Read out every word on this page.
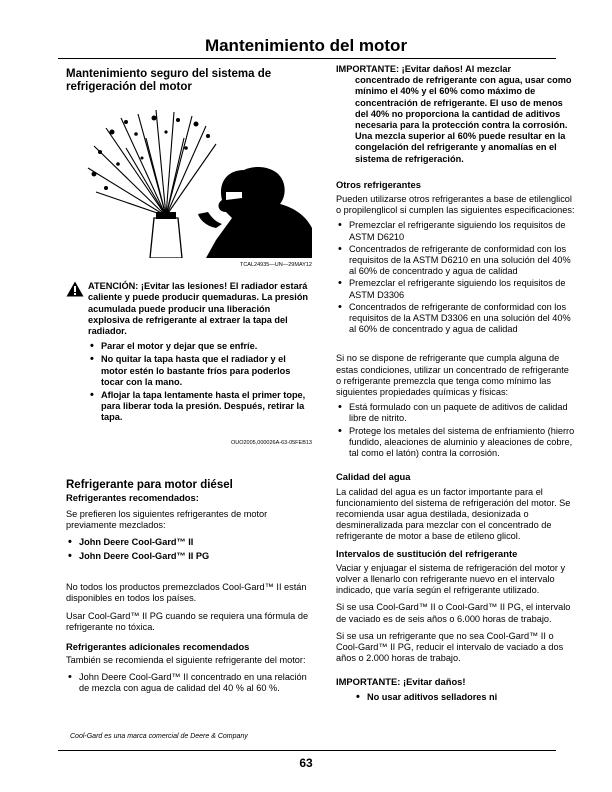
Mantenimiento del motor
Mantenimiento seguro del sistema de refrigeración del motor
TCAL24935—UN—29MAY12

ATENCIÓN: ¡Evitar las lesiones! El radiador estará caliente y puede producir quemaduras. La presión acumulada puede producir una liberación explosiva de refrigerante al extraer la tapa del radiador.

• Parar el motor y dejar que se enfríe.
• No quitar la tapa hasta que el radiador y el motor estén lo bastante fríos para poderlos tocar con la mano.
• Aflojar la tapa lentamente hasta el primer tope, para liberar toda la presión. Después, retirar la tapa.
OUO2005,000026A-63-05FEB13
Refrigerante para motor diésel
Refrigerantes recomendados:

Se prefieren los siguientes refrigerantes de motor previamente mezclados:

• John Deere Cool-Gard™ II
• John Deere Cool-Gard™ II PG

No todos los productos premezclados Cool-Gard™ II están disponibles en todos los países.

Usar Cool-Gard™ II PG cuando se requiera una fórmula de refrigerante no tóxica.

Refrigerantes adicionales recomendados

También se recomienda el siguiente refrigerante del motor:

• John Deere Cool-Gard™ II concentrado en una relación de mezcla con agua de calidad del 40 % al 60 %.

IMPORTANTE: ¡Evitar daños! Al mezclar

concentrado de refrigerante con agua, usar como mínimo el 40% y el 60% como máximo de concentración de refrigerante. El uso de menos del 40% no proporciona la cantidad de aditivos necesaria para la protección contra la corrosión. Una mezcla superior al 60% puede resultar en la congelación del refrigerante y anomalías en el sistema de refrigeración.

Otros refrigerantes

Pueden utilizarse otros refrigerantes a base de etilenglicol o propilenglicol si cumplen las siguientes especificaciones:

• Premezclar el refrigerante siguiendo los requisitos de ASTM D6210
• Concentrados de refrigerante de conformidad con los requisitos de la ASTM D6210 en una solución del 40% al 60% de concentrado y agua de calidad
• Premezclar el refrigerante siguiendo los requisitos de ASTM D3306
• Concentrados de refrigerante de conformidad con los requisitos de la ASTM D3306 en una solución del 40% al 60% de concentrado y agua de calidad

Si no se dispone de refrigerante que cumpla alguna de estas condiciones, utilizar un concentrado de refrigerante o refrigerante premezcla que tenga como mínimo las siguientes propiedades químicas y físicas:

• Está formulado con un paquete de aditivos de calidad libre de nitrito.
• Protege los metales del sistema de enfriamiento (hierro fundido, aleaciones de aluminio y aleaciones de cobre, tal como el latón) contra la corrosión.
Calidad del agua

La calidad del agua es un factor importante para el funcionamiento del sistema de refrigeración del motor. Se recomienda usar agua destilada, desionizada o desmineralizada para mezclar con el concentrado de refrigerante de motor a base de etileno glicol.

Intervalos de sustitución del refrigerante

Vaciar y enjuagar el sistema de refrigeración del motor y volver a llenarlo con refrigerante nuevo en el intervalo indicado, que varía según el refrigerante utilizado.

Si se usa Cool-Gard™ II o Cool-Gard™ II PG, el intervalo de vaciado es de seis años o 6.000 horas de trabajo.

Si se usa un refrigerante que no sea Cool-Gard™ II o Cool-Gard™ II PG, reducir el intervalo de vaciado a dos años o 2.000 horas de trabajo.

IMPORTANTE: ¡Evitar daños!
• No usar aditivos selladores ni
Cool-Gard es una marca comercial de Deere & Company
63
